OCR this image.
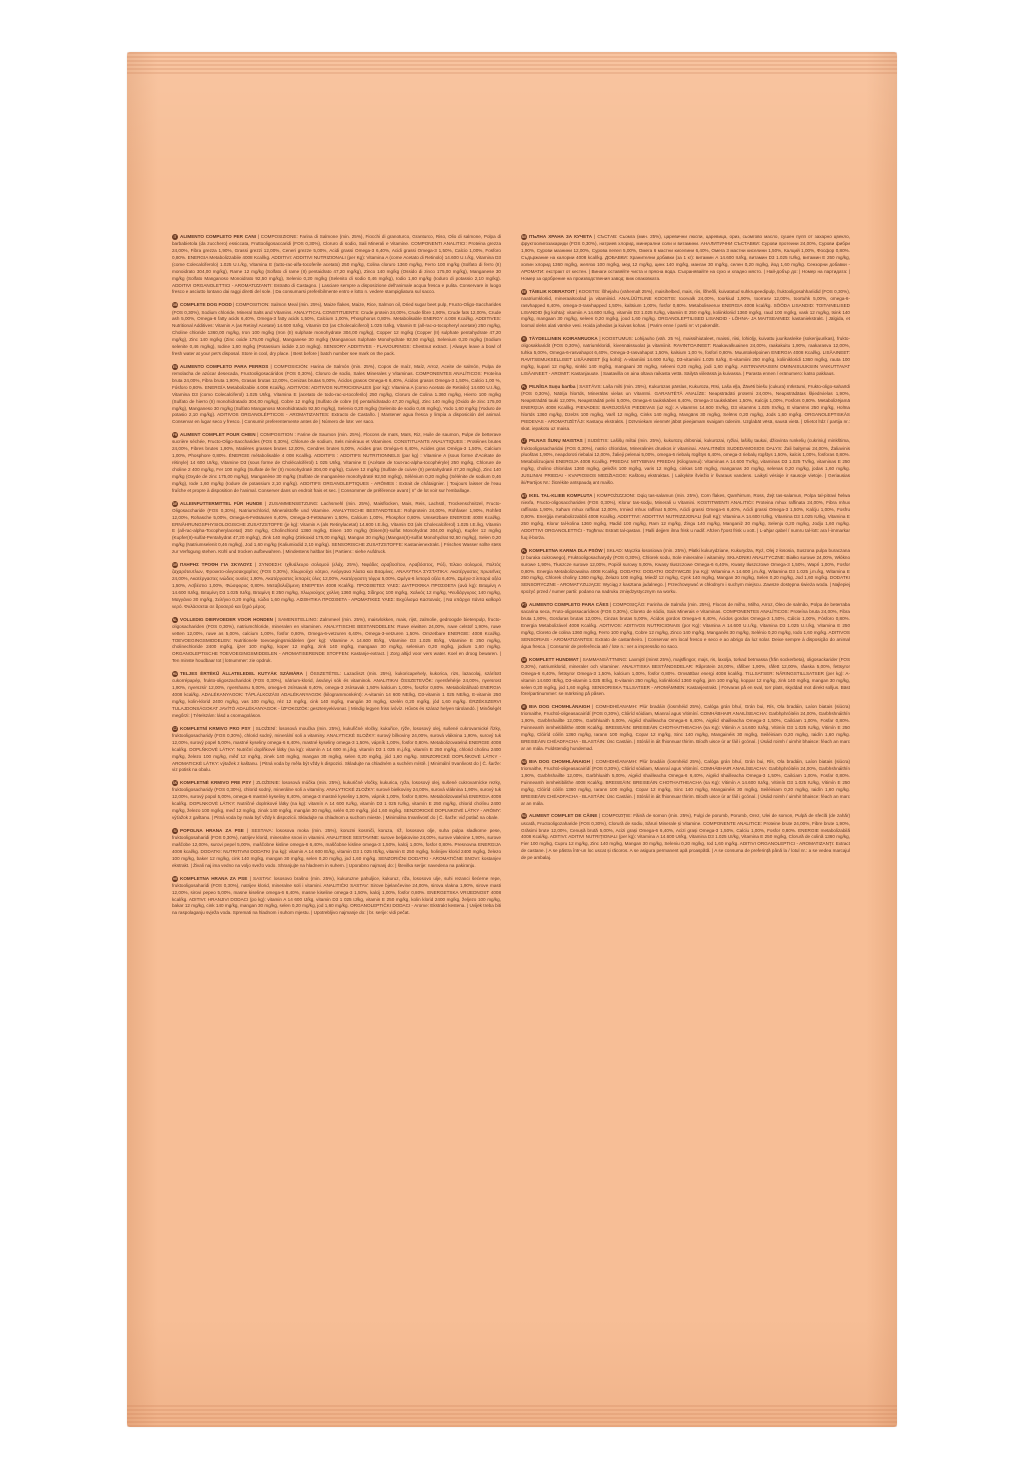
IT ALIMENTO COMPLETO PER CANI | COMPOSIZIONE: Farina di Salmone (min. 25%), Fiocchi di granoturco, Granturco, Riso, Olio di salmone, Polpa di barbabietola (da zucchero) essiccata, Fruttooligosaccaridi (FOS 0,30%), Cloruro di sodio, Sali Minerali e Vitamine. COMPONENTI ANALITICI: Proteina grezza 24,00%, Fibra grezza 1,90%, Grassi grezzi 12,00%, Ceneri grezze 5,00%, Acidi grassi Omega-3 6,40%, Acidi grassi Omega-3 1,50%, Calcio 1,00%, Fosforo 0,80%. ENERGIA Metabolizzabile 4008 Kcal/kg. ADDITIVI: ADDITIVI NUTRIZIONALI (per Kg): Vitamina A (come Acetato di Retinolo) 14.600 U.I./kg, Vitamina D3 (come Colecalciferolo) 1.025 U.I./kg, Vitamina E (tutto-rac-alfa-tocoferile acetato) 250 mg/kg, Colina cloruro 1360 mg/kg, Ferro 100 mg/kg (Solfato di ferro (II) monoidrato 304,00 mg/kg), Rame 12 mg/kg (Solfato di rame (II) pentaidrato 47,20 mg/kg), Zinco 140 mg/kg (Ossido di zinco 175,00 mg/kg), Manganese 30 mg/kg (Solfato Manganoso Monoidrato 92,50 mg/kg), Selenio 0,20 mg/kg (Selenito di sodio 0,46 mg/kg), Iodio 1,60 mg/kg (Ioduro di potassio 2,10 mg/kg). ADDITIVI ORGANOLETTICI - AROMATIZZANTI: Estratto di Castagno. | Lasciare sempre a disposizione dell'animale acqua fresca e pulita. Conservare in luogo fresco e asciutto lontano dai raggi diretti del sole. | Da consumarsi preferibilmente entro e lotto n. vedere stampigliatura sul sacco.
GB COMPLETE DOG FOOD | COMPOSITION: Salmon Meal (min. 25%), Maize flakes, Maize, Rice, Salmon oil, Dried sugar beet pulp, Fructo-Oligo-Saccharides (FOS 0,30%), Sodium chloride, Mineral Salts and Vitamins. ANALYTICAL CONSTITUENTS: Crude protein 24,00%, Crude fibre 1,90%, Crude fats 12,00%, Crude ash 5,00%, Omega-6 fatty acids 6,40%, Omega-3 fatty acids 1,50%, Calcium 1,00%, Phosphorus 0,80%. Metabolisable ENERGY 4.008 Kcal/kg. ADDITIVES: Nutritional Additives: Vitamin A (as Retinyl Acetate) 14.600 IU/kg, Vitamin D3 (as Cholecalciferol) 1.025 IU/kg, Vitamin E (all-rac-α-tocopheryl acetate) 250 mg/kg, Choline chloride 1360,00 mg/kg, Iron 100 mg/kg (Iron (II) sulphate monohydrate 304,00 mg/kg), Copper 12 mg/kg (Copper (II) sulphate pentahydrate 47,20 mg/kg), Zinc 140 mg/kg (Zinc oxide 175,00 mg/kg), Manganese 30 mg/kg (Manganous Sulphate Monohydrate 92,50 mg/kg), Selenium 0,20 mg/kg (Sodium selenite 0,46 mg/kg), Iodine 1,60 mg/kg (Potassium iodide 2,10 mg/kg). SENSORY ADDITIVES - FLAVOURINGS: Chestnut extract. | Always leave a bowl of fresh water at your pet's disposal. Store in cool, dry place. | Best before | batch number see mark on the pack.
ES ALIMENTO COMPLETO PARA PERROS | COMPOSICIÓN: Harina de Salmón (min. 25%), Copos de maíz, Maíz, Arroz, Aceite de salmón, Pulpa de remolacha de azúcar desecada, Fructooligosacáridos (FOS 0,30%), Cloruro de sodio, Sales Minerales y Vitaminas. COMPONENTES ANALÍTICOS: Proteína bruta 24,00%, Fibra bruta 1,90%, Grasas brutas 12,00%, Cenizas brutas 5,00%, Ácidos grasos Omega-6 6,40%, Ácidos grasos Omega-3 1,50%, Calcio 1,00 %, Fósforo 0,80%. ENERGÍA Metabolizable 4.008 Kcal/kg. ADITIVOS: ADITIVOS NUTRICIONALES (por kg): Vitamina A (como Acetato de Retinilo) 14.600 U.I./kg, Vitamina D3 (como Colecalciferol) 1.025 UI/kg, Vitamina E (acetato de todo-rac-α-tocoferilo) 250 mg/kg, Cloruro de Colina 1.360 mg/kg, Hierro 100 mg/kg (Sulfato de hierro (II) monohidratado 304,00 mg/kg), Cobre 12 mg/kg (Sulfato de cobre (II) pentahidratado 47,20 mg/kg), Zinc 140 mg/kg (Óxido de zinc 175,00 mg/kg), Manganeso 30 mg/kg (Sulfato Manganoso Monohidratado 92,50 mg/kg), Selenio 0,20 mg/kg (Selenito de sodio 0,46 mg/kg), Yodo 1,60 mg/kg (Yoduro de potasio 2,10 mg/kg). ADITIVOS ORGANOLÉPTICOS - AROMATIZANTES: Extracto de Castaño. | Mantener agua fresca y limpia a disposición del animal. Conservar en lugar seco y fresco. | Consumir preferentemente antes de | Número de lote: ver saco.
FR ALIMENT COMPLET POUR CHIEN | COMPOSITION : Farine de Saumon (min. 25%), Flocons de maïs, Maïs, Riz, Huile de saumon, Pulpe de betterave sucrière séchée, Fructo-Oligo-Saccharides (FOS 0,30%), Chlorure de sodium, Sels minéraux et Vitamines. CONSTITUANTS ANALYTIQUES : Protéines brutes 24,00%, Fibres brutes 1,90%, Matières grasses brutes 12,00%, Cendres brutes 5,00%, Acides gras Oméga-6 6,40%, Acides gras Oméga-3 1,50%, Calcium 1,00%, Phosphore 0,80%. ÉNERGIE métabolisable 4 008 Kcal/kg. ADDITIFS : ADDITIFS NUTRITIONNELS (par kg) : Vitamine A (sous forme d'Acétate de rétinyle) 14 600 UI/kg, Vitamine D3 (sous forme de Cholécalciférol) 1 025 UI/kg, Vitamine E (Acétate de tout-rac-alpha-tocophéryle) 250 mg/kg, Chlorure de choline 2 400 mg/kg, Fer 100 mg/kg (Sulfate de fer (II) monohydraté 304,00 mg/kg), Cuivre 12 mg/kg (Sulfate de cuivre (II) pentahydraté 47,20 mg/kg), Zinc 140 mg/kg (Oxyde de zinc 175,00 mg/kg), Manganèse 30 mg/kg (Sulfate de manganèse monohydraté 92,50 mg/kg), Sélénium 0,20 mg/kg (Sélénite de sodium 0,46 mg/kg), Iode 1,60 mg/kg (Iodure de potassium 2,10 mg/kg). ADDITIFS ORGANOLEPTIQUES - ARÔMES : Extrait de châtaignier. | Toujours laisser de l'eau fraîche et propre à disposition de l'animal. Conserver dans un endroit frais et sec. | Consommer de préférence avant | n° de lot voir sur l'emballage.
DE ALLEINFUTTERMITTEL FÜR HUNDE | ZUSAMMENSETZUNG: Lachsmehl (min. 25%), Maisflocken, Mais, Reis, Lachsöl, Trockenschnitzel, Fructo-Oligosaccharide (FOS 0,30%), Natriumchlorid, Mineralstoffe und Vitamine. ANALYTISCHE BESTANDTEILE: Rohprotein 24,00%, Rohfaser 1,90%, Rohfett 12,00%, Rohasche 5,00%, Omega-6-Fettsäuren 6,40%, Omega-3-Fettsäuren 1,50%, Calcium 1,00%, Phosphor 0,80%. Umsetzbare ENERGIE 4008 Kcal/kg. ERNÄHRUNGSPHYSIOLOGISCHE ZUSATZSTOFFE (je kg): Vitamin A (als Retinylacetat) 14.600 I.E./kg, Vitamin D3 (als Cholecalciferol) 1.025 I.E./kg, Vitamin E (all-rac-alpha-Tocopherylacetat) 250 mg/kg, Cholinchlorid 1360 mg/kg, Eisen 100 mg/kg (Eisen(II)-sulfat Monohydrat 304,00 mg/kg), Kupfer 12 mg/kg (Kupfer(II)-sulfat-Pentahydrat 47,20 mg/kg), Zink 140 mg/kg (Zinkoxid 175,00 mg/kg), Mangan 30 mg/kg (Mangan(II)-sulfat Monohydrat 92,50 mg/kg), Selen 0,20 mg/kg (Natriumselenit 0,46 mg/kg), Jod 1,60 mg/kg (Kaliumiodid 2,10 mg/kg). SENSORISCHE ZUSATZSTOFFE: Kastanienextrakt. | Frisches Wasser sollte stets zur Verfügung stehen. Kühl und trocken aufbewahren. | Mindestens haltbar bis | Partienr.: siehe Aufdruck.
GR ΠΛΗΡΗΣ ΤΡΟΦΗ ΓΙΑ ΣΚΥΛΟΥΣ | ΣΥΝΘΕΣΗ: Ιχθυάλευρο σολομού (ελάχ. 25%), Νιφάδες αραβοσίτου, Αραβόσιτος, Ρύζι, Έλαιο σολομού, Πολτός ζαχαρότευτλων, Φρουκτο-ολιγοσακχαρίτες (FOS 0,30%), Χλωριούχο νάτριο, Ανόργανα Άλατα και Βιταμίνες. ΑΝΑΛΥΤΙΚΑ ΣΥΣΤΑΤΙΚΑ: Ακατέργαστες πρωτεΐνες 24,00%, Ακατέργαστες ινώδεις ουσίες 1,90%, Ακατέργαστες λιπαρές ύλες 12,00%, Ακατέργαστη τέφρα 5,00%, Ωμέγα-6 λιπαρά οξέα 6,40%, Ωμέγα-3 λιπαρά οξέα 1,50%, Ασβέστιο 1,00%, Φώσφορος 0,80%. Μεταβολιζόμενη ΕΝΕΡΓΕΙΑ 4008 Kcal/kg. ΠΡΟΣΘΕΤΕΣ ΥΛΕΣ: ΔΙΑΤΡΟΦΙΚΑ ΠΡΟΣΘΕΤΑ (ανά kg): Βιταμίνη Α 14.600 IU/kg, Βιταμίνη D3 1.025 IU/kg, Βιταμίνη Ε 250 mg/kg, Χλωριούχος χολίνη 1360 mg/kg, Σίδηρος 100 mg/kg, Χαλκός 12 mg/kg, Ψευδάργυρος 140 mg/kg, Μαγγάνιο 30 mg/kg, Σελήνιο 0,20 mg/kg, Ιώδιο 1,60 mg/kg. ΑΙΣΘΗΤΙΚΑ ΠΡΟΣΘΕΤΑ - ΑΡΩΜΑΤΙΚΕΣ ΥΛΕΣ: Εκχύλισμα Καστανιάς. | Να υπάρχει πάντα καθαρό νερό. Φυλάσσεται σε δροσερό και ξηρό μέρος.
NL VOLLEDIG DIERVOEDER VOOR HONDEN | SAMENSTELLING: Zalmmeel (min. 25%), maisvlokken, mais, rijst, zalmolie, gedroogde bietenpulp, fructo-oligosachariden (FOS 0,30%), natriumchloride, mineralen en vitaminen. ANALYTISCHE BESTANDDELEN: Ruwe eiwitten 24,00%, ruwe celstof 1,90%, ruwe vetten 12,00%, ruwe as 5,00%, calcium 1,00%, fosfor 0,80%, Omega-6-vetzuren 6,40%, Omega-3-vetzuren 1,50%. Omzetbare ENERGIE: 4008 Kcal/kg. TOEVOEGINGSMIDDELEN: Nutritionele toevoegingsmiddelen (per kg): Vitamine A 14.600 IE/kg, Vitamine D3 1.025 IE/kg, Vitamine E 250 mg/kg, cholinechloride 2400 mg/kg, ijzer 100 mg/kg, koper 12 mg/kg, zink 140 mg/kg, mangaan 30 mg/kg, selenium 0,20 mg/kg, jodium 1,60 mg/kg. ORGANOLEPTISCHE TOEVOEGINGSMIDDELEN - AROMATISERENDE STOFFEN: Kastanje-extract. | Zorg altijd voor vers water. Koel en droog bewaren. | Ten minste houdbaar tot | lotnummer: zie opdruk.
HU TELJES ÉRTÉKŰ ÁLLATELEDEL KUTYÁK SZÁMÁRA | ÖSSZETÉTEL: Lazacliszt (min. 25%), kukoricapehely, kukorica, rizs, lazacolaj, szárított cukorrépapép, frukto-oligoszacharidok (FOS 0,30%), nátrium-klorid, ásványi sók és vitaminok. ANALITIKAI ÖSSZETEVŐK: nyersfehérje 24,00%, nyersrost 1,90%, nyerszsír 12,00%, nyershamu 5,00%, omega-6 zsírsavak 6,40%, omega-3 zsírsavak 1,50% kalcium 1,00%, foszfor 0,80%. Metabolizálható ENERGIA 4008 kcal/kg. ADALÉKANYAGOK: TÁPLÁLKOZÁSI ADALÉKANYAGOK (kilogrammonként): A-vitamin 14 600 NE/kg, D3-vitamin 1 025 NE/kg, E-vitamin 250 mg/kg, kolin-klorid 2400 mg/kg, vas 100 mg/kg, réz 12 mg/kg, cink 140 mg/kg, mangán 30 mg/kg, szelén 0,20 mg/kg, jód 1,60 mg/kg. ÉRZÉKSZERVI TULAJDONSÁGOKAT JAVÍTÓ ADALÉKANYAGOK - ÍZFOKOZÓK: gesztenyekivonat. | Mindig legyen friss ivóvíz. Hűvös és száraz helyen tárolandó. | Minőségét megőrzi: | Tételszám: lásd a csomagoláson.
CZ KOMPLETNÍ KRMIVO PRO PSY | SLOŽENÍ: lososová moučka (min. 25%), kukuřičné vločky, kukuřice, rýže, lososový olej, sušené cukrovarnické řízky, fruktooligosacharidy (FOS 0,30%), chlorid sodný, minerální soli a vitaminy. ANALYTICKÉ SLOŽKY: surový bílkoviny 24,00%, surová vláknina 1,90%, surový tuk 12,00%, surový popel 5,00%, mastné kyseliny omega-6 6,40%, mastné kyseliny omega-3 1,50%, vápník 1,00%, fosfor 0,80%. Metabolizovatelná ENERGIE 4008 kcal/kg. DOPLŇKOVÉ LÁTKY: Nutriční doplňkové látky (na kg): vitamín A 14 600 m.j./kg, vitamín D3 1 025 m.j./kg, vitamín E 250 mg/kg, chlorid cholinu 2400 mg/kg, železo 100 mg/kg, měď 12 mg/kg, zinek 140 mg/kg, mangan 30 mg/kg, selen 0,20 mg/kg, jód 1,60 mg/kg. SENZORICKÉ DOPLŇKOVÉ LÁTKY - AROMATICKÉ LÁTKY: výtažek z kaštanu. | Pitná voda by měla být vždy k dispozici. Skladujte na chladném a suchém místě. | Minimální trvanlivost do | Č. šarže: viz potisk na obalu.
SK KOMPLETNÉ KRMIVO PRE PSY | ZLOŽENIE: lososová múčka (min. 25%), kukuričné vločky, kukurica, ryža, lososový olej, sušené cukrovarnícke rezky, fruktooligosacharidy (FOS 0,30%), chlorid sodný, minerálne soli a vitamíny. ANALYTICKÉ ZLOŽKY: surové bielkoviny 24,00%, surová vláknina 1,90%, surový tuk 12,00%, surový popol 5,00%, omega-6 mastné kyseliny 6,40%, omega-3 mastné kyseliny 1,50%, vápnik 1,00%, fosfor 0,80%. Metabolizovateľná ENERGIA 4008 kcal/kg. DOPLNKOVÉ LÁTKY: Nutričné doplnkové látky (na kg): vitamín A 14 600 IU/kg, vitamín D3 1 025 IU/kg, vitamín E 250 mg/kg, chlorid cholínu 2400 mg/kg, železo 100 mg/kg, meď 12 mg/kg, zinok 140 mg/kg, mangán 30 mg/kg, selén 0,20 mg/kg, jód 1,60 mg/kg. SENZORICKÉ DOPLNKOVÉ LÁTKY - ARÓMY: výťažok z gaštanu. | Pitná voda by mala byť vždy k dispozícii. Skladujte na chladnom a suchom mieste. | Minimálna trvanlivosť do | Č. šarže: viď potlač na obale.
SI POPOLNA HRANA ZA PSE | SESTAVA: lososova moka (min. 25%), koruzni kosmiči, koruza, riž, lososovo olje, suha pulpa sladkorne pese, fruktooligosaharidi (FOS 0,30%), natrijev klorid, mineralne snovi in vitamini. ANALITSKE SESTAVINE: surove beljakovine 24,00%, surove vlaknine 1,90%, surove maščobe 12,00%, surovi pepel 5,00%, maščobne kisline omega-6 6,40%, maščobne kisline omega-3 1,50%, kalcij 1,00%, fosfor 0,80%. Presnovna ENERGIJA 4008 kcal/kg. DODATKI: NUTRITIVNI DODATKI (na kg): vitamin A 14 600 IE/kg, vitamin D3 1 025 IE/kg, vitamin E 250 mg/kg, holinijev klorid 2400 mg/kg, železo 100 mg/kg, baker 12 mg/kg, cink 140 mg/kg, mangan 30 mg/kg, selen 0,20 mg/kg, jod 1,60 mg/kg. SENZORIČNI DODATKI - AROMATIČNE SNOVI: kostanjev ekstrakt. | Živali naj ima vedno na voljo svežo vodo. Shranjujte na hladnem in suhem. | Uporabno najmanj do: | številka serije: navedena na pakiranju.
HR KOMPLETNA HRANA ZA PSE | SASTAV: lososovo brašno (min. 25%), kukuruzne pahuljice, kukuruz, riža, lososovo ulje, suhi rezanci šećerne repe, fruktooligosaharidi (FOS 0,30%), natrijev klorid, mineralne soli i vitamini. ANALITIČKI SASTAV: Sirove bjelančevine 24,00%, sirova vlakna 1,90%, sirove masti 12,00%, sirovi pepeo 5,00%, masne kiseline omega-6 6,40%, masne kiseline omega-3 1,50%, kalcij 1,00%, fosfor 0,80%. ENERGETSKA VRIJEDNOST 4008 kcal/kg. ADITIVI: HRANJIVI DODACI (po kg): vitamin A 14 600 IJ/kg, vitamin D3 1 025 IJ/kg, vitamin E 250 mg/kg, kolin klorid 2400 mg/kg, željezo 100 mg/kg, bakar 12 mg/kg, cink 140 mg/kg, mangan 30 mg/kg, selen 0,20 mg/kg, jod 1,60 mg/kg. ORGANOLEPTIČKI DODACI - Arome: Ekstrakt kestena. | Uvijek treba biti na raspolaganju svježa voda. Spremati na hladnom i suhom mjestu. | Upotrebljivo najmanje do: | br. serije: vidi pečat.
BG ПЪЛНА ХРАНА ЗА КУЧЕТА | СЪСТАВ: Сьомга (мин. 25%), царевични люспи, царевица, ориз, сьомгово масло, сушен пулп от захарно цвекло, фруктоолигозахариди (FOS 0,30%), натриев хлорид, минерални соли и витамини. АНАЛИТИЧНИ СЪСТАВКИ: Сурови протеини 24,00%, Сурови фибри 1,90%, Сурови мазнини 12,00%, Сурова пепел 5,00%, Омега 6 мастни киселини 6,40%, Омега 3 мастни киселини 1,50%, Калций 1,00%, Фосфор 0,80%. Съдържание на калории 4008 kcal/kg. ДОБАВКИ: Хранителни добавки (за 1 кг): витамин А 14.600 IU/kg, витамин D3 1.025 IU/kg, витамин Е 250 mg/kg, холин хлорид 1360 mg/kg, желязо 100 mg/kg, мед 12 mg/kg, цинк 140 mg/kg, манган 30 mg/kg, селен 0,20 mg/kg, йод 1,60 mg/kg. Сензорни добавки - АРОМАТИ: екстракт от кестен. | Винаги оставяйте чиста и прясна вода. Съхранявайте на сухо и хладно място. | Най-добър до: | Номер на партидата: | Номер за одобрение на производствения завод: виж опаковката.
EE TÄIELIK KOERATOIT | KOOSTIS: lõhejahu (vähemalt 25%), maisihelbed, mais, riis, lõheõli, kuivatatud suhkrupeedipulp, fruktooligosahhariidid (FOS 0,30%), naatriumkloriid, mineraalsoolad ja vitamiinid. ANALÜÜTILINE KOOSTIS: toorvalk 24,00%, toorkiud 1,90%, toorrasv 12,00%, toortuhk 5,00%, omega-6-rasvhapped 6,40%, omega-3-rasvhapped 1,50%, kaltsium 1,00%, fosfor 0,80%. Metaboliseeruv ENERGIA 4008 kcal/kg. SÖÖDA LISANDID: TOITAINELISED LISANDID (kg kohta): vitamiin A 14.600 IU/kg, vitamiin D3 1.025 IU/kg, vitamiin E 250 mg/kg, koliinkloriid 1360 mg/kg, raud 100 mg/kg, vask 12 mg/kg, tsink 140 mg/kg, mangaan 30 mg/kg, seleen 0,20 mg/kg, jood 1,60 mg/kg. ORGANOLEPTILISED LISANDID - LÕHNA- JA MAITSEAINED: kastaniekstrakt. | Jälgida, et loomal oleks alati värske vesi. Hoida jahedas ja kuivas kohas. | Parim enne / partii nr: vt pakendilt.
FI TÄYDELLINEN KOIRANRUOKA | KOOSTUMUS: Lohijauho (väh. 25 %), maissihiutaleet, maissi, riisi, lohiöljy, kuivattu juurikasleike (sokerijuurikas), frukto-oligosakkaridit (FOS 0,30%), natriumkloridi, kivennäissuolat ja vitamiinit. RAVINTOAINEET: Raakavalkuainen 24,00%, raakakuitu 1,90%, raakarasva 12,00%, tuhka 5,00%, Omega-6-rasvahapot 6,40%, Omega-3-rasvahapot 1,50%, kalsium 1,00 %, fosfori 0,80%. Muuntokelpoinen ENERGIA 4008 Kcal/kg. LISÄAINEET: RAVITSEMUKSELLISET LISÄAINEET (kg kohti): A-vitamiini 14.600 IU/kg, D3-vitamiini 1.025 IU/kg, E-vitamiini 250 mg/kg, koliinikloridi 1360 mg/kg, rauta 100 mg/kg, kupari 12 mg/kg, sinkki 140 mg/kg, mangaani 30 mg/kg, seleeni 0,20 mg/kg, jodi 1,60 mg/kg. AISTINVARAISIIN OMINAISUUKSIIN VAIKUTTAVAT LISÄAINEET - AROMIT: Kastanjauute. | Saatavilla on aina oltava raikasta vettä. Säilytä viileässä ja kuivassa. | Parasta ennen / eränumero: katso pakkaus.
PL PILNĪGA Suņu barība | SASTĀVS: Laša milti (min. 25%), Kukurūzas pārslas, Kukurūza, Rīsi, Laša eļļa, Žāvēti biešu (cukura) mīkstumi, Frukto-oligo-saharīdi (FOS 0,30%), Nātrija hlorīds, Minerālās vielas un Vitamīni. GARANTĒTĀ ANALĪZE: Neapstrādāti proteīni 24,00%, Neapstrādātas šķiedrvielas 1,90%, Neapstrādāti tauki 12,00%, Neapstrādāti pelni 5,00%, Omega-6 taukskābes 6,40%, Omega-3 taukskābes 1,50%, Kalcijs 1,00%, Fosfors 0,80%. Metabolizējamā ENERĢIJA 4008 Kcal/kg. PIEVADES: BAROJOŠĀS PIEDEVAS (uz Kg): A vitamīns 14.600 SV/kg, D3 vitamīns 1.025 SV/kg, E vitamīns 250 mg/kg, Holīna hlorīds 1360 mg/kg, Dzelzs 100 mg/kg, Varš 12 mg/kg, Cinks 140 mg/kg, Mangāns 30 mg/kg, Selēns 0,20 mg/kg, Jods 1,60 mg/kg. ORGANOLEPTISKĀS PIEDEVAS - AROMATIZĒTĀJI: Kastaņu ekstrakts. | Dzīvniekam vienmēr jābūt pieejamam svaigam ūdenim. Uzglabāt vēsā, sausā vietā. | Izlietot līdz / partija nr.: skat. iepakotu uz maisa.
LT PILNAS ŠUNŲ MAISTAS | SUDĖTIS: Lašišų miltai (min. 25%), kukurūzų dribsniai, kukurūzai, ryžiai, lašišų taukai, džiovinta runkelių (cukrinių) minkštima, fruktooligosacharidai (FOS 0,30%), natrio chloridas, Mineralinės druskos ir vitaminai. ANALITINĖS SUDEDAMOSIOS DALYS: Žali baltymai 24,00%, Žaliavinis pluoštas 1,90%, neapdoroti riebalai 12,00%, žalieji pelenai 5,00%, omega-6 riebalų rūgštys 6,40%, omega-3 riebalų rūgštys 1,50%, kalcis 1,00%, fosforas 0,80%. Metabolizuojami ENERGIJA 4008 Kcal/kg. PRIEDAI: MITYBINIAI PRIEDAI (Kilogramui): Vitaminas A 14.600 TV/kg, vitaminas D3 1.025 TV/kg, vitaminas E 250 mg/kg, cholino chloridas 1360 mg/kg, geležis 100 mg/kg, varis 12 mg/kg, cinkas 140 mg/kg, manganas 30 mg/kg, selenas 0,20 mg/kg, jodas 1,60 mg/kg. JUSLINIAI PRIEDAI - KVAPIOSIOS MEDŽIAGOS: Kaštonų ekstraktas. | Laikykite šviežio ir švaraus vandens. Laikyti vėsioje ir sausoje vietoje. | Geriausias iki/Partijos Nr.: žiūrėkite antspaudą ant maišo.
MT IKEL TAL-KLIEB KOMPLUTA | KOMPOŻIZZJONI: Dqiq tas-salamun (min. 25%), Corn flakes, Qamħirrum, Ross, Żejt tas-salamun, Polpa tal-pitravi ħelwa niexfa, Fructo-oligosaccharides (FOS 0,30%), Klorur tas-sodju, Minerali u Vitamini. KOSTITWENTI ANALITIĊI: Proteina mhux raffinata 24,00%, Fibra mhux raffinata 1,90%, Xaħam mhux raffinat 12,00%, Irmied mhux raffinat 5,00%, Aċidi grassi Omega-6 6,40%, Aċidi grassi Omega-3 1,50%, Kalċju 1,00%, Fosfru 0,80%. Enerġija metabolizzabbli 4008 Kcal/kg. ADDITTIVI: ADDITTIVI NUTRIZZJONALI (kull Kg): Vitamina A 14.600 IU/kg, Vitamina D3 1.025 IU/kg, Vitamina E 250 mg/kg, Klorur tal-kolina 1360 mg/kg, Ħadid 100 mg/kg, Ram 12 mg/kg, Żingu 140 mg/kg, Manganiż 30 mg/kg, Selenju 0,20 mg/kg, Jodju 1,60 mg/kg. ADDITTIVI ORGANOLETTIĊI - Togħma: Estratt tal-qastan. | Ħalli dejjem ilma frisk u nadif. Aħżen f'post frisk u xott. | L-aħjar qabel / numru tal-lott: ara l-immarkar fuq il-borża.
PL KOMPLETNA KARMA DLA PSÓW | SKŁAD: Mączka łososiowa (min. 25%), Płatki kukurydziane, Kukurydza, Ryż, Olej z łososia, Suszona pulpa buraczana (z buraka cukrowego), Fruktooligosacharydy (FOS 0,30%), Chlorek sodu, Sole mineralne i witaminy. SKŁADNIKI ANALITYCZNE: Białko surowe 24,00%, Włókno surowe 1,90%, Tłuszcze surowe 12,00%, Popiół surowy 5,00%, Kwasy tłuszczowe Omega-6 6,40%, Kwasy tłuszczowe Omega-3 1,50%, Wapń 1,00%, Fosfor 0,80%. Energia Metabolizowalna 4008 Kcal/kg. DODATKI: DODATKI ODŻYWCZE (na Kg): Witamina A 14.600 j.m./kg, Witamina D3 1.025 j.m./kg, Witamina E 250 mg/kg, Chlorek choliny 1360 mg/kg, Żelazo 100 mg/kg, Miedź 12 mg/kg, Cynk 140 mg/kg, Mangan 30 mg/kg, Selen 0,20 mg/kg, Jod 1,60 mg/kg. DODATKI SENSORYCZNE - AROMATYZUJĄCE: Wyciąg z kasztana jadalnego. | Przechowywać w chłodnym i suchym miejscu. Zawsze dostępna świeża woda. | Najlepiej spożyć przed / numer partii: podano na nadruku zmiędzystycznym na worku.
PT ALIMENTO COMPLETO PARA CÃES | COMPOSIÇÃO: Farinha de Salmão (min. 25%), Flocos de milho, Milho, Arroz, Óleo de salmão, Polpa de beterraba sacarina seca, Fruto-oligossacarídeos (FOS 0,30%), Cloreto de sódio, Sais Minerais e Vitaminas. COMPONENTES ANALÍTICOS: Proteína bruta 24,00%, Fibra bruta 1,90%, Gorduras brutas 12,00%, Cinzas brutas 5,00%, Ácidos gordos Omega-6 6,40%, Ácidos gordos Omega-3 1,50%, Cálcio 1,00%, Fósforo 0,80%. Energia Metabolizável 4008 Kcal/kg. ADITIVOS: ADITIVOS NUTRICIONAIS (por Kg): Vitamina A 14.600 U.I./kg, Vitamina D3 1.025 U.I./kg, Vitamina E 250 mg/kg, Cloreto de colina 1360 mg/kg, Ferro 100 mg/kg, Cobre 12 mg/kg, Zinco 140 mg/kg, Manganês 30 mg/kg, Selénio 0,20 mg/kg, Iodo 1,60 mg/kg. ADITIVOS SENSORIAIS - AROMATIZANTES: Extrato de castanheiro. | Conservar em local fresco e seco e ao abrigo da luz solar. Deixe sempre à disposição do animal água fresca. | Consumir de preferência até / lote n.: ver a impressão no saco.
SE KOMPLETT HUNDMAT | SAMMANSÄTTNING: Laxmjöl (minst 25%), majsflingor, majs, ris, laxolja, torkad betmassa (från sockerbeta), oligosackarider (FOS 0,30%), natriumklorid, mineraler och vitaminer. ANALYTISKA BESTÅNDSDELAR: Råprotein 24,00%, råfiber 1,90%, råfett 12,00%, råaska 5,00%, fettsyror Omega-6 6,40%, fettsyror Omega-3 1,50%, kalcium 1,00%, fosfor 0,80%. Omsättbar energi 4008 kcal/kg. TILLSATSER: NÄRINGSTILLSATSER (per kg): A-vitamin 14.600 IE/kg, D3-vitamin 1.025 IE/kg, E-vitamin 250 mg/kg, kolinklorid 1360 mg/kg, järn 100 mg/kg, koppar 12 mg/kg, zink 140 mg/kg, mangan 30 mg/kg, selen 0,20 mg/kg, jod 1,60 mg/kg. SENSORISKA TILLSATSER - AROMÄMNEN: Kastanjextrakt. | Förvaras på en sval, torr plats, skyddad mot direkt solljus. Bäst före/partinummer: se märkning på påsen.
IE BIA DOG CHOMHLÁNAIGH | COMHDHÉANAMH: Plúr bradáin (íosmhéid 25%), Calóga grán bhuí, Grán bui, Rís, Ola bradáin, Laíon biatais (siúcra) triomaithe, Fruchtó-oligeasacairídí (FOS 0,30%), Clóiríd sóidiam, Mianraí agus Vitimíní. COMHÁBHAIR ANAILÍSEACHA: Garbhphróitéin 24,00%, Garbhshnáithín 1,90%, Garbhshaillte 12,00%, Garbhluaith 5,00%, Aigéid shailleacha Omega-6 6,40%, Aigéid shailleacha Omega-3 1,50%, Cailciam 1,00%, Fosfar 0,80%. Fuinneamh inmheitibilithe 4008 Kcal/kg. BREISEÁIN: BREISEÁIN CHOTHAITHEACHA (sa Kg): Vitimín A 14.600 IU/kg, Vitimín D3 1.025 IU/kg, Vitimín E 250 mg/kg, Clóiríd cóilín 1360 mg/kg, Iarann 100 mg/kg, Copar 12 mg/kg, Sinc 140 mg/kg, Mangainéis 30 mg/kg, Seiléiniam 0,20 mg/kg, Iaidín 1,60 mg/kg. BREISEÁIN CHÉADFACHA - BLASTÁIN: Úsc Castáin. | Stóráil in áit fhionnuar thirim. Bíodh uisce úr ar fáil i gcónaí. | Úsáid roimh / uimhir bhaisce: féach an marc ar an mála. Fuldstendig hundemad.
NO BIA DOG CHOMHLÁNAIGH | COMHDHÉANAMH: Plúr bradáin (íosmhéid 25%), Calóga grán bhuí, Grán bui, Rís, Ola bradáin, Laíon biatais (siúcra) triomaithe, Fruchtó-oligeasacairídí (FOS 0,30%), Clóiríd sóidiam, Mianraí agus Vitimíní. COMHÁBHAIR ANAILÍSEACHA: Garbhphróitéin 24,00%, Garbhshnáithín 1,90%, Garbhshaillte 12,00%, Garbhluaith 5,00%, Aigéid shailleacha Omega-6 6,40%, Aigéid shailleacha Omega-3 1,50%, Cailciam 1,00%, Fosfar 0,80%. Fuinneamh inmheitibilithe 4008 Kcal/kg. BREISEÁIN: BREISEÁIN CHOTHAITHEACHA (sa Kg): Vitimín A 14.600 IU/kg, Vitimín D3 1.025 IU/kg, Vitimín E 250 mg/kg, Clóiríd cóilín 1360 mg/kg, Iarann 100 mg/kg, Copar 12 mg/kg, Sinc 140 mg/kg, Mangainéis 30 mg/kg, Seiléiniam 0,20 mg/kg, Iaidín 1,60 mg/kg. BREISEÁIN CHÉADFACHA - BLASTÁIN: Úsc Castáin. | Stóráil in áit fhionnuar thirim. Bíodh uisce úr ar fáil i gcónaí. | Úsáid roimh / uimhir bhaisce: féach an marc ar an mála.
RO ALIMENT COMPLET DE CÂINE | COMPOZIȚIE: Făină de somon (min. 25%), Fulgi de porumb, Porumb, Orez, Ulei de somon, Pulpă de sfeclă (de zahăr) uscată, Fructooligozaharide (FOS 0,30%), Clorură de sodiu, Săruri Minerale și Vitamine. COMPONENTE ANALITICE: Proteine brute 24,00%, Fibre brute 1,90%, Grăsimi brute 12,00%, Cenușă brută 5,00%, Acizi grași Omega-6 6,40%, Acizi grași Omega-3 1,50%, Calciu 1,00%, Fosfor 0,80%. ENERGIE metabolizabilă 4008 Kcal/kg. ADITIVI: ADITIVI NUTRIȚIONALI (per kg): Vitamina A 14.600 UI/kg, Vitamina D3 1.025 UI/kg, Vitamina E 250 mg/kg, Clorură de colină 1360 mg/kg, Fier 100 mg/kg, Cupru 12 mg/kg, Zinc 140 mg/kg, Mangan 30 mg/kg, Seleniu 0,20 mg/kg, Iod 1,60 mg/kg. ADITIVI ORGANOLEPTICI - AROMATIZANȚI: Extract de castane. | A se păstra într-un loc uscat și răcoros. A se asigura permanent apă proaspătă. | A se consuma de preferință până la / lotul nr.: a se vedea marcajul de pe ambalaj.
